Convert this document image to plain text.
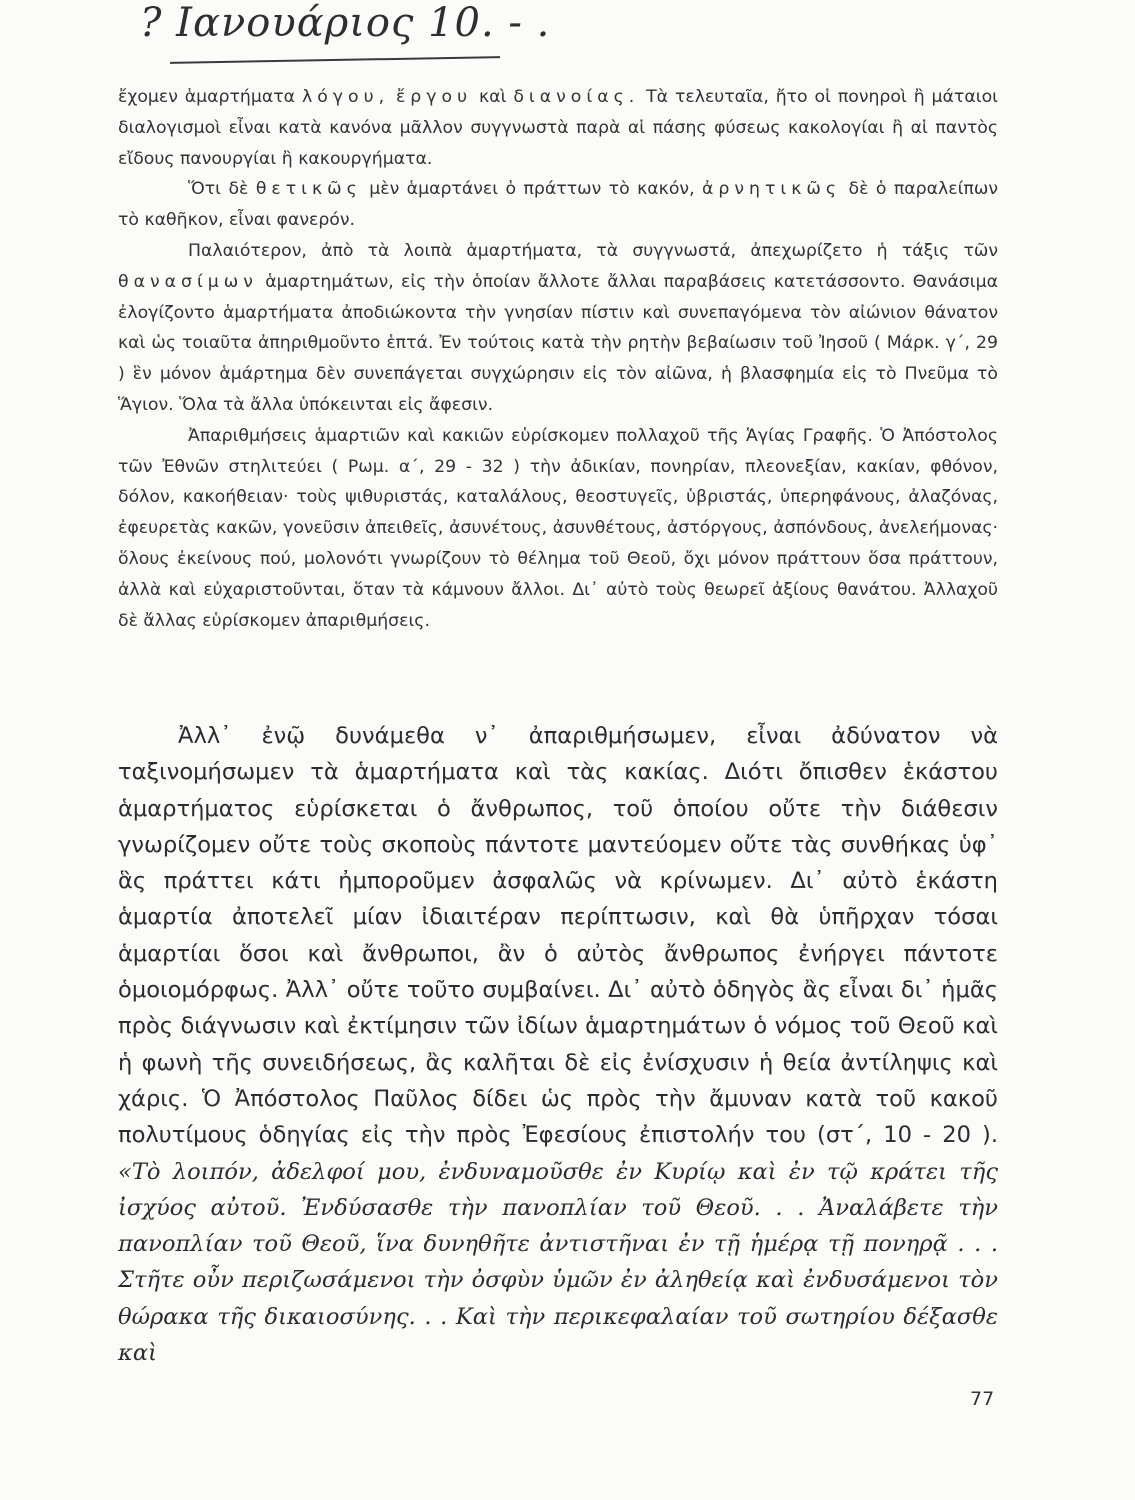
? Ιανουάριος 10. - .

ἔχομεν ἁμαρτήματα λόγου, ἔργου καὶ διανοίας. Τὰ τελευταῖα, ἤτο οἱ πονηροὶ ἢ μάταιοι διαλογισμοὶ εἶναι κατὰ κανόνα μᾶλλον συγγνωστὰ παρὰ αἱ πάσης φύσεως κακολογίαι ἢ αἱ παντὸς εἴδους πανουργίαι ἢ κακουργήματα.

Ὅτι δὲ θετικῶς μὲν ἁμαρτάνει ὁ πράττων τὸ κακόν, ἀρνητικῶς δὲ ὁ παραλείπων τὸ καθῆκον, εἶναι φανερόν.

Παλαιότερον, ἀπὸ τὰ λοιπὰ ἁμαρτήματα, τὰ συγγνωστά, ἀπεχωρίζετο ἡ τάξις τῶν θανασίμων ἁμαρτημάτων, εἰς τὴν ὁποίαν ἄλλοτε ἄλλαι παραβάσεις κατετάσσοντο. Θανάσιμα ἐλογίζοντο ἁμαρτήματα ἀποδιώκοντα τὴν γνησίαν πίστιν καὶ συνεπαγόμενα τὸν αἰώνιον θάνατον καὶ ὡς τοιαῦτα ἀπηριθμοῦντο ἑπτά. Ἐν τούτοις κατὰ τὴν ρητὴν βεβαίωσιν τοῦ Ἰησοῦ ( Μάρκ. γ΄, 29 ) ἓν μόνον ἁμάρτημα δὲν συνεπάγεται συγχώρησιν εἰς τὸν αἰῶνα, ἡ βλασφημία εἰς τὸ Πνεῦμα τὸ Ἅγιον. Ὅλα τὰ ἄλλα ὑπόκεινται εἰς ἄφεσιν.

Ἀπαριθμήσεις ἁμαρτιῶν καὶ κακιῶν εὑρίσκομεν πολλαχοῦ τῆς Ἁγίας Γραφῆς. Ὁ Ἀπόστολος τῶν Ἐθνῶν στηλιτεύει ( Ρωμ. α΄, 29 - 32 ) τὴν ἀδικίαν, πονηρίαν, πλεονεξίαν, κακίαν, φθόνον, δόλον, κακοήθειαν· τοὺς ψιθυριστάς, καταλάλους, θεοστυγεῖς, ὑβριστάς, ὑπερηφάνους, ἀλαζόνας, ἐφευρετὰς κακῶν, γονεῦσιν ἀπειθεῖς, ἀσυνέτους, ἀσυνθέτους, ἀστόργους, ἀσπόνδους, ἀνελεήμονας· ὅλους ἐκείνους πού, μολονότι γνωρίζουν τὸ θέλημα τοῦ Θεοῦ, ὄχι μόνον πράττουν ὅσα πράττουν, ἀλλὰ καὶ εὐχαριστοῦνται, ὅταν τὰ κάμνουν ἄλλοι. Δι᾿ αὐτὸ τοὺς θεωρεῖ ἀξίους θανάτου. Ἀλλαχοῦ δὲ ἄλλας εὑρίσκομεν ἀπαριθμήσεις.

Ἀλλ᾿ ἐνῷ δυνάμεθα ν᾿ ἀπαριθμήσωμεν, εἶναι ἀδύνατον νὰ ταξινομήσωμεν τὰ ἁμαρτήματα καὶ τὰς κακίας. Διότι ὄπισθεν ἑκάστου ἁμαρτήματος εὑρίσκεται ὁ ἄνθρωπος, τοῦ ὁποίου οὔτε τὴν διάθεσιν γνωρίζομεν οὔτε τοὺς σκοποὺς πάντοτε μαντεύομεν οὔτε τὰς συνθήκας ὑφ᾿ ἃς πράττει κάτι ἠμποροῦμεν ἀσφαλῶς νὰ κρίνωμεν. Δι᾿ αὐτὸ ἑκάστη ἁμαρτία ἀποτελεῖ μίαν ἰδιαιτέραν περίπτωσιν, καὶ θὰ ὑπῆρχαν τόσαι ἁμαρτίαι ὅσοι καὶ ἄνθρωποι, ἂν ὁ αὐτὸς ἄνθρωπος ἐνήργει πάντοτε ὁμοιομόρφως. Ἀλλ᾿ οὔτε τοῦτο συμβαίνει. Δι᾿ αὐτὸ ὁδηγὸς ἂς εἶναι δι᾿ ἡμᾶς πρὸς διάγνωσιν καὶ ἐκτίμησιν τῶν ἰδίων ἁμαρτημάτων ὁ νόμος τοῦ Θεοῦ καὶ ἡ φωνὴ τῆς συνειδήσεως, ἂς καλῆται δὲ εἰς ἐνίσχυσιν ἡ θεία ἀντίληψις καὶ χάρις. Ὁ Ἀπόστολος Παῦλος δίδει ὡς πρὸς τὴν ἄμυναν κατὰ τοῦ κακοῦ πολυτίμους ὁδηγίας εἰς τὴν πρὸς Ἐφεσίους ἐπιστολήν του (στ΄, 10 - 20 ). «Τὸ λοιπόν, ἀδελφοί μου, ἐνδυναμοῦσθε ἐν Κυρίῳ καὶ ἐν τῷ κράτει τῆς ἰσχύος αὐτοῦ. Ἐνδύσασθε τὴν πανοπλίαν τοῦ Θεοῦ. . . Ἀναλάβετε τὴν πανοπλίαν τοῦ Θεοῦ, ἵνα δυνηθῆτε ἀντιστῆναι ἐν τῇ ἡμέρᾳ τῇ πονηρᾷ . . . Στῆτε οὖν περιζωσάμενοι τὴν ὀσφὺν ὑμῶν ἐν ἀληθείᾳ καὶ ἐνδυσάμενοι τὸν θώρακα τῆς δικαιοσύνης. . . Καὶ τὴν περικεφαλαίαν τοῦ σωτηρίου δέξασθε καὶ

77
